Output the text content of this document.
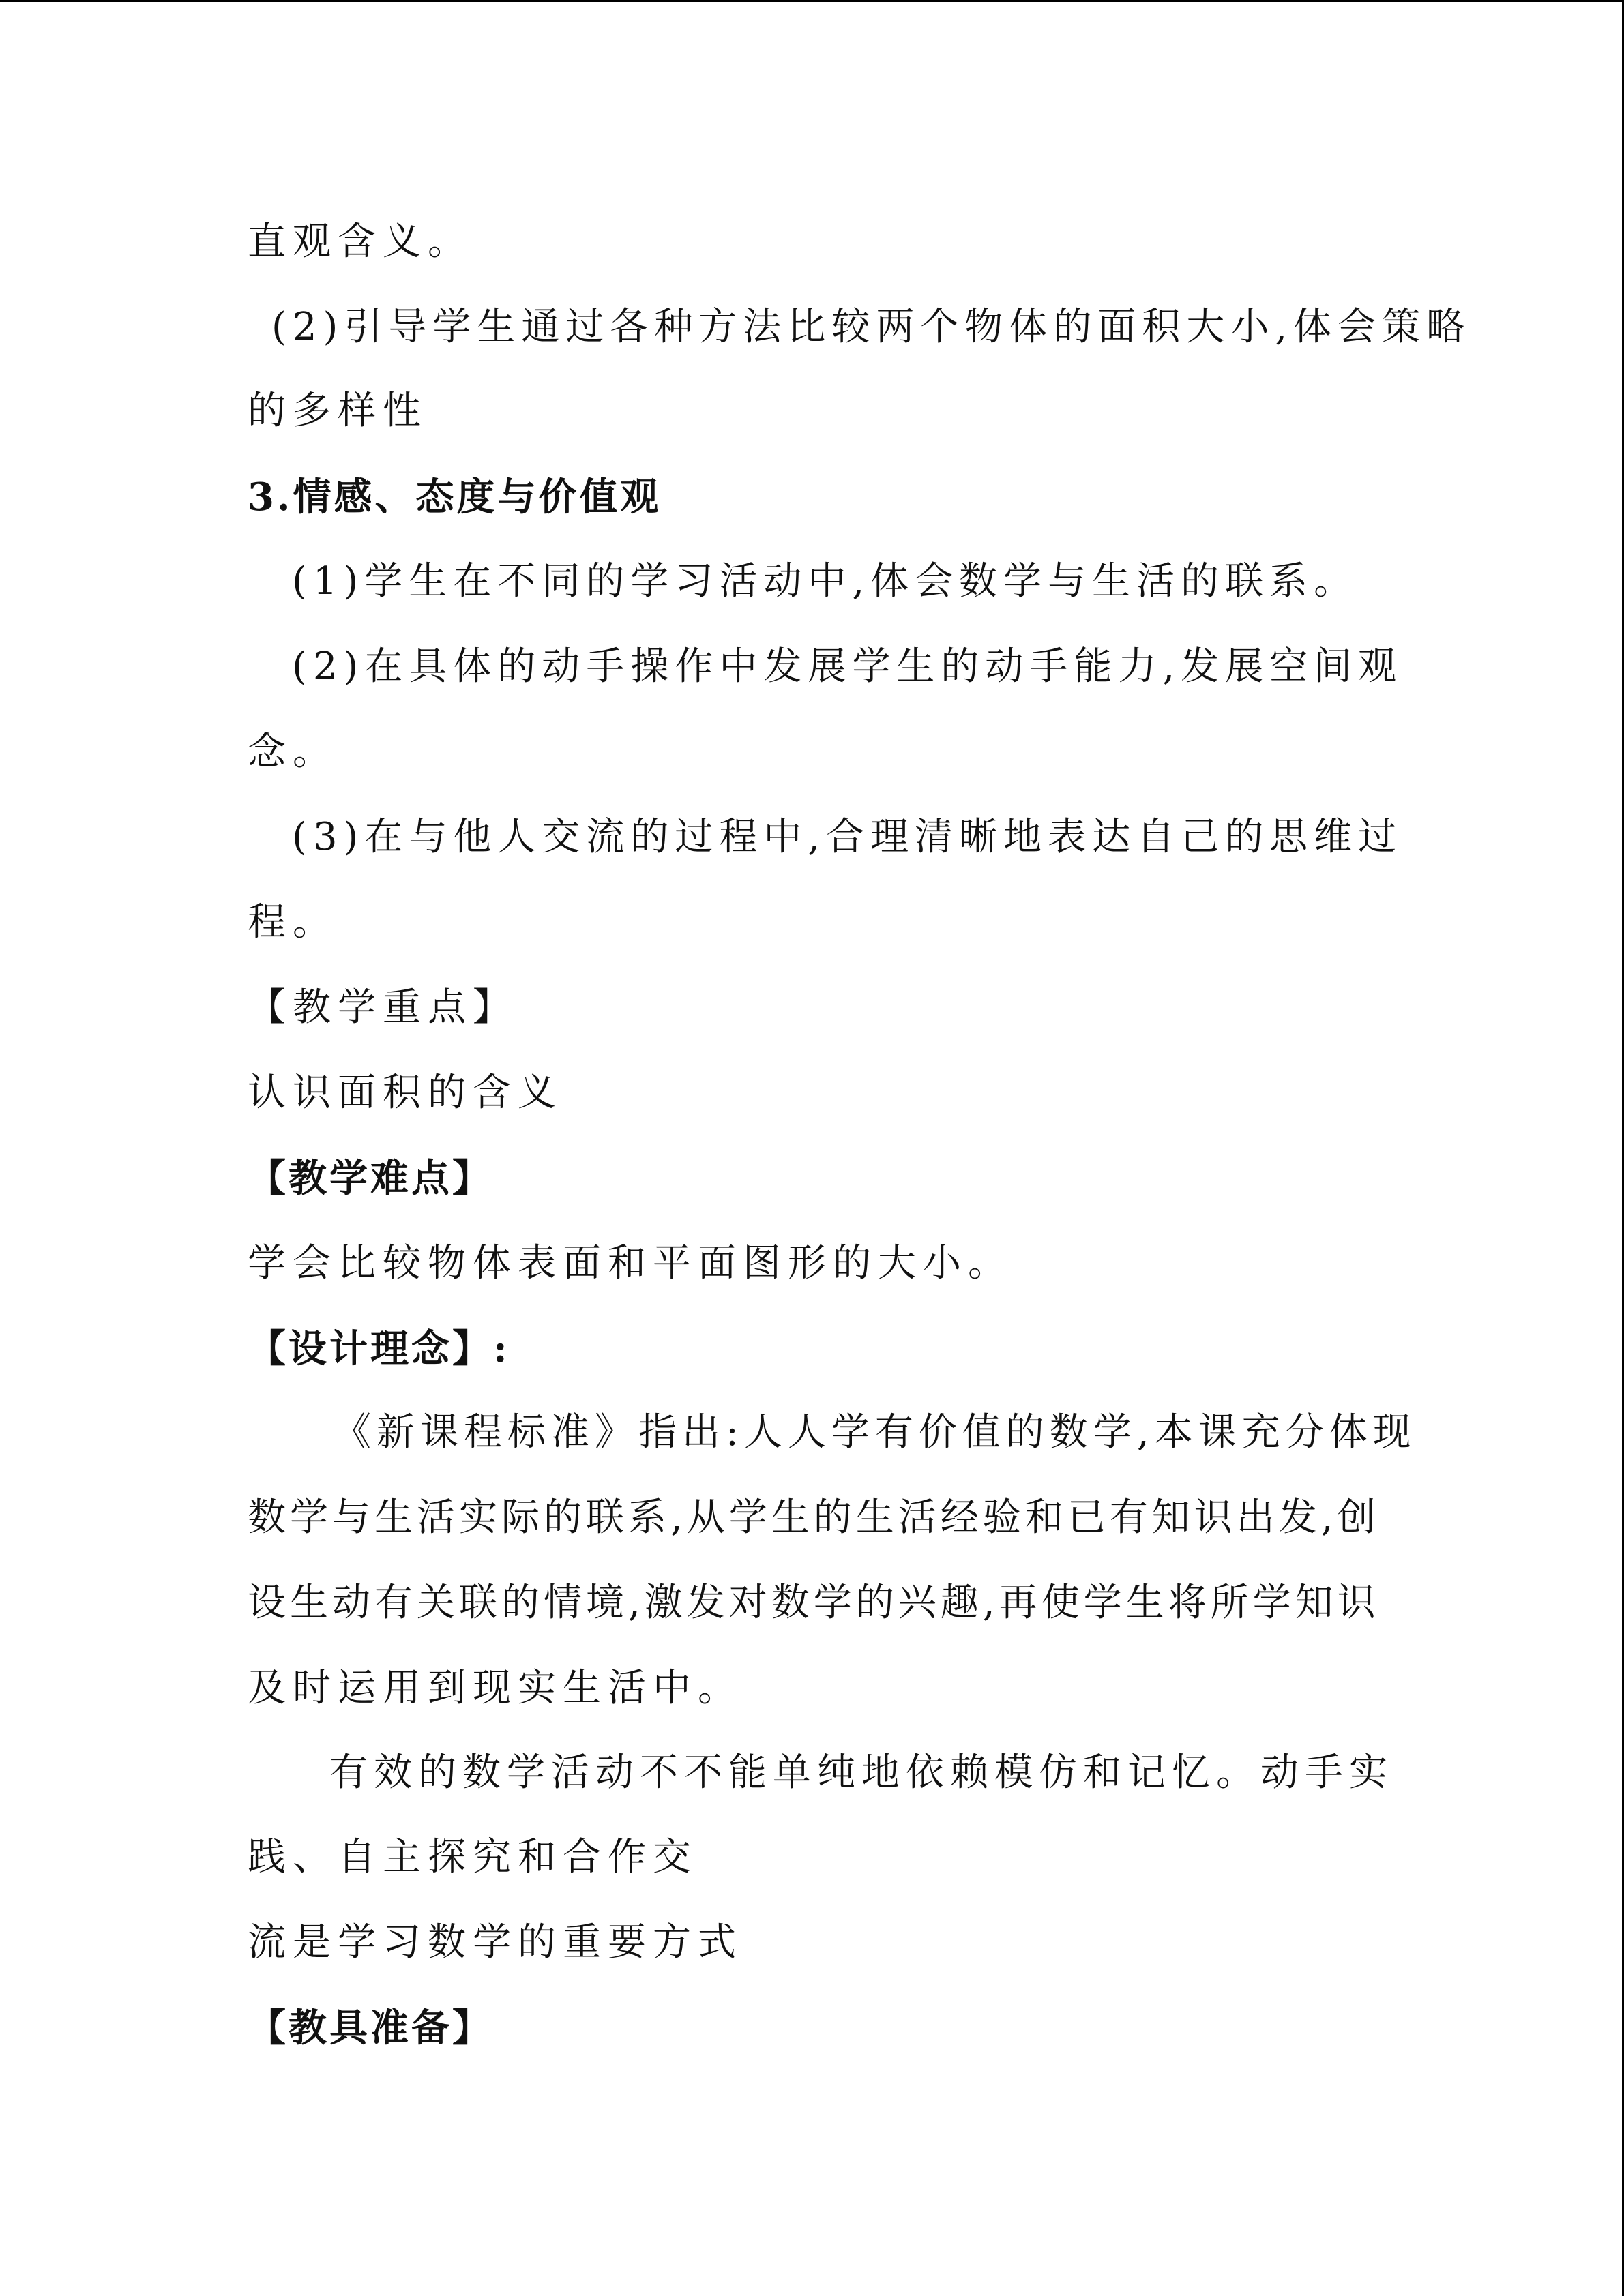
直观含义。
(2)引导学生通过各种方法比较两个物体的面积大小,体会策略
的多样性
3.情感、态度与价值观
(1)学生在不同的学习活动中,体会数学与生活的联系。
(2)在具体的动手操作中发展学生的动手能力,发展空间观
念。
(3)在与他人交流的过程中,合理清晰地表达自己的思维过
程。
【教学重点】
认识面积的含义
【教学难点】
学会比较物体表面和平面图形的大小。
【设计理念】:
《新课程标准》指出:人人学有价值的数学,本课充分体现
数学与生活实际的联系,从学生的生活经验和已有知识出发,创
设生动有关联的情境,激发对数学的兴趣,再使学生将所学知识
及时运用到现实生活中。
有效的数学活动不不能单纯地依赖模仿和记忆。动手实
践、自主探究和合作交
流是学习数学的重要方式
【教具准备】
